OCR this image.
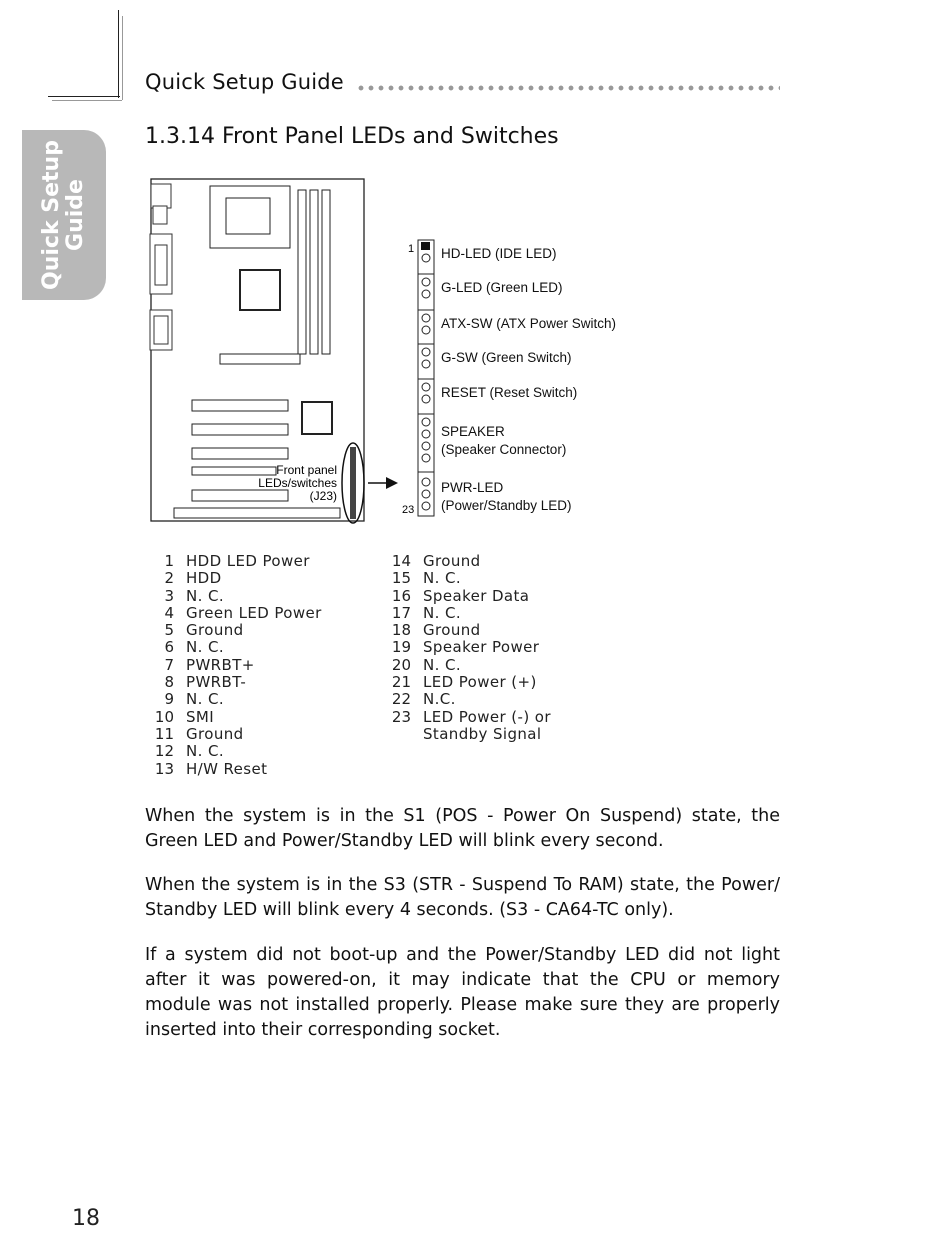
Quick Setup Guide
Quick Setup
Guide
1.3.14 Front Panel LEDs and Switches
Front panel
LEDs/switches
(J23)
1
23
HD-LED (IDE LED)
G-LED (Green LED)
ATX-SW (ATX Power Switch)
G-SW (Green Switch)
RESET (Reset Switch)
SPEAKER
(Speaker Connector)
PWR-LED
(Power/Standby LED)
1 HDD LED Power
2 HDD
3 N. C.
4 Green LED Power
5 Ground
6 N. C.
7 PWRBT+
8 PWRBT-
9 N. C.
10 SMI
11 Ground
12 N. C.
13 H/W Reset
14 Ground
15 N. C.
16 Speaker Data
17 N. C.
18 Ground
19 Speaker Power
20 N. C.
21 LED Power (+)
22 N.C.
23 LED Power (-) or
Standby Signal
When the system is in the S1 (POS - Power On Suspend) state, the Green LED and Power/Standby LED will blink every second.
When the system is in the S3 (STR - Suspend To RAM) state, the Power/ Standby LED will blink every 4 seconds. (S3 - CA64-TC only).
If a system did not boot-up and the Power/Standby LED did not light after it was powered-on, it may indicate that the CPU or memory module was not installed properly. Please make sure they are properly inserted into their corresponding socket.
18
